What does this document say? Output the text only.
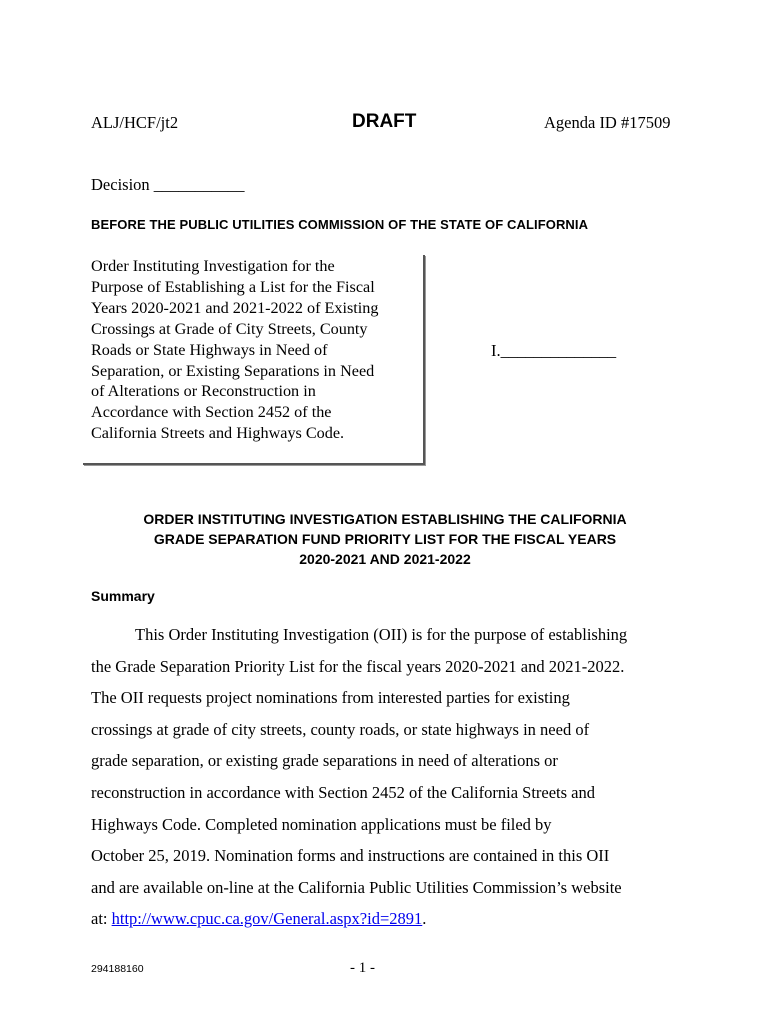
ALJ/HCF/jt2	DRAFT	Agenda ID #17509
Decision ___________
BEFORE THE PUBLIC UTILITIES COMMISSION OF THE STATE OF CALIFORNIA
Order Instituting Investigation for the
Purpose of Establishing a List for the Fiscal
Years 2020-2021 and 2021-2022 of Existing
Crossings at Grade of City Streets, County
Roads or State Highways in Need of
Separation, or Existing Separations in Need
of Alterations or Reconstruction in
Accordance with Section 2452 of the
California Streets and Highways Code.
I.______________
ORDER INSTITUTING INVESTIGATION ESTABLISHING THE CALIFORNIA
GRADE SEPARATION FUND PRIORITY LIST FOR THE FISCAL YEARS
2020-2021 AND 2021-2022
Summary
This Order Instituting Investigation (OII) is for the purpose of establishing
the Grade Separation Priority List for the fiscal years 2020-2021 and 2021-2022.
The OII requests project nominations from interested parties for existing
crossings at grade of city streets, county roads, or state highways in need of
grade separation, or existing grade separations in need of alterations or
reconstruction in accordance with Section 2452 of the California Streets and
Highways Code. Completed nomination applications must be filed by
October 25, 2019. Nomination forms and instructions are contained in this OII
and are available on-line at the California Public Utilities Commission’s website
at: http://www.cpuc.ca.gov/General.aspx?id=2891.
294188160	- 1 -
